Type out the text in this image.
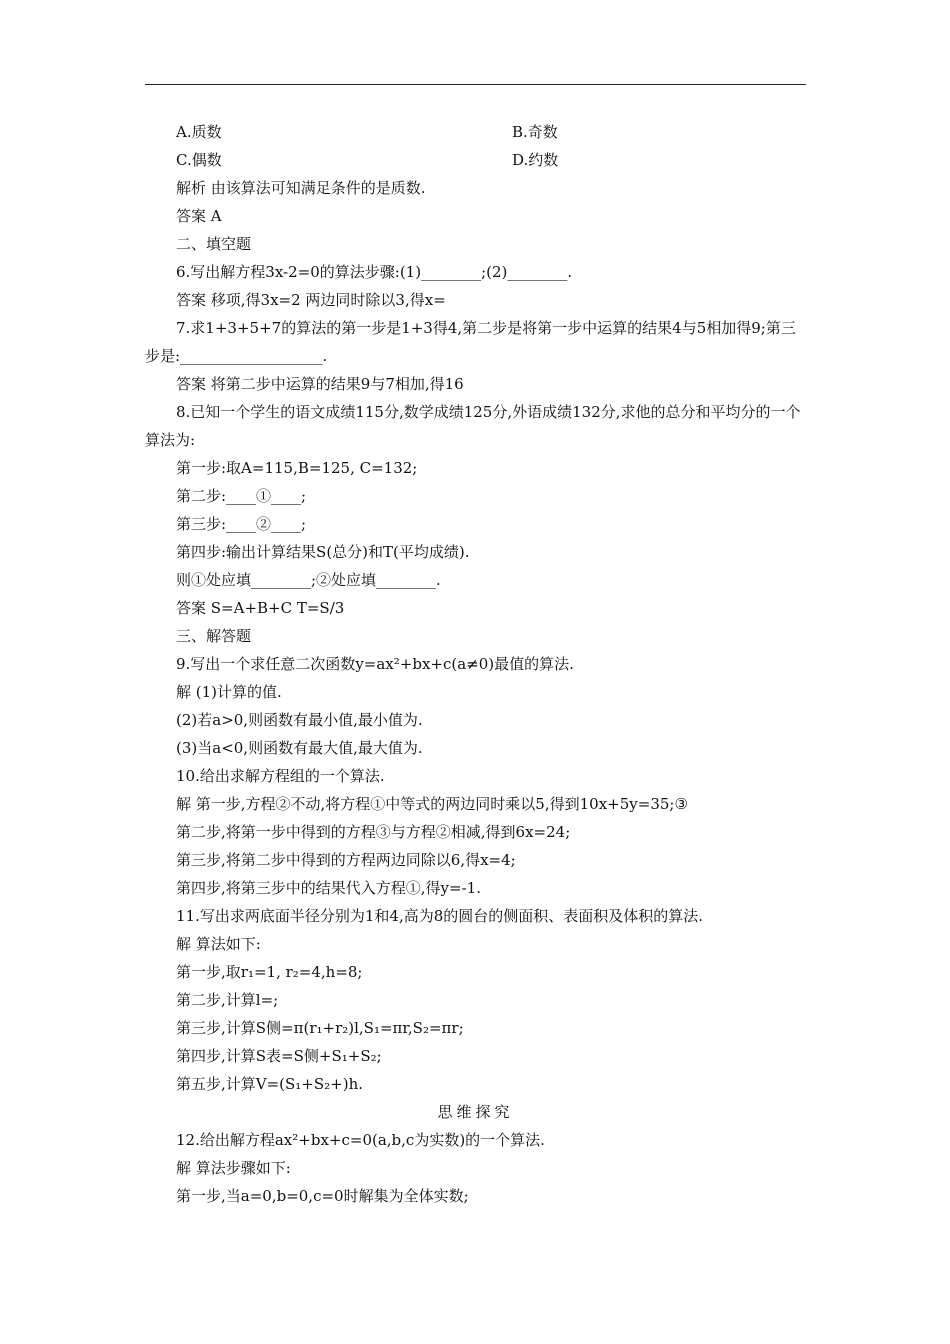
A.质数	B.奇数
C.偶数	D.约数
解析 由该算法可知满足条件的是质数.
答案 A
二、填空题
6.写出解方程3x-2=0的算法步骤:(1)________;(2)________.
答案 移项,得3x=2 两边同时除以3,得x=
7.求1+3+5+7的算法的第一步是1+3得4,第二步是将第一步中运算的结果4与5相加得9;第三步是:___________________.
答案 将第二步中运算的结果9与7相加,得16
8.已知一个学生的语文成绩115分,数学成绩125分,外语成绩132分,求他的总分和平均分的一个算法为:
第一步:取A=115,B=125, C=132;
第二步:____①____;
第三步:____②____;
第四步:输出计算结果S(总分)和T(平均成绩).
则①处应填________;②处应填________.
答案 S=A+B+C T=S/3
三、解答题
9.写出一个求任意二次函数y=ax²+bx+c(a≠0)最值的算法.
解 (1)计算的值.
(2)若a>0,则函数有最小值,最小值为.
(3)当a<0,则函数有最大值,最大值为.
10.给出求解方程组的一个算法.
解 第一步,方程②不动,将方程①中等式的两边同时乘以5,得到10x+5y=35;③
第二步,将第一步中得到的方程③与方程②相减,得到6x=24;
第三步,将第二步中得到的方程两边同除以6,得x=4;
第四步,将第三步中的结果代入方程①,得y=-1.
11.写出求两底面半径分别为1和4,高为8的圆台的侧面积、表面积及体积的算法.
解 算法如下:
第一步,取r₁=1, r₂=4,h=8;
第二步,计算l=;
第三步,计算S侧=π(r₁+r₂)l,S₁=πr,S₂=πr;
第四步,计算S表=S侧+S₁+S₂;
第五步,计算V=(S₁+S₂+)h.
思维探究
12.给出解方程ax²+bx+c=0(a,b,c为实数)的一个算法.
解 算法步骤如下:
第一步,当a=0,b=0,c=0时解集为全体实数;
